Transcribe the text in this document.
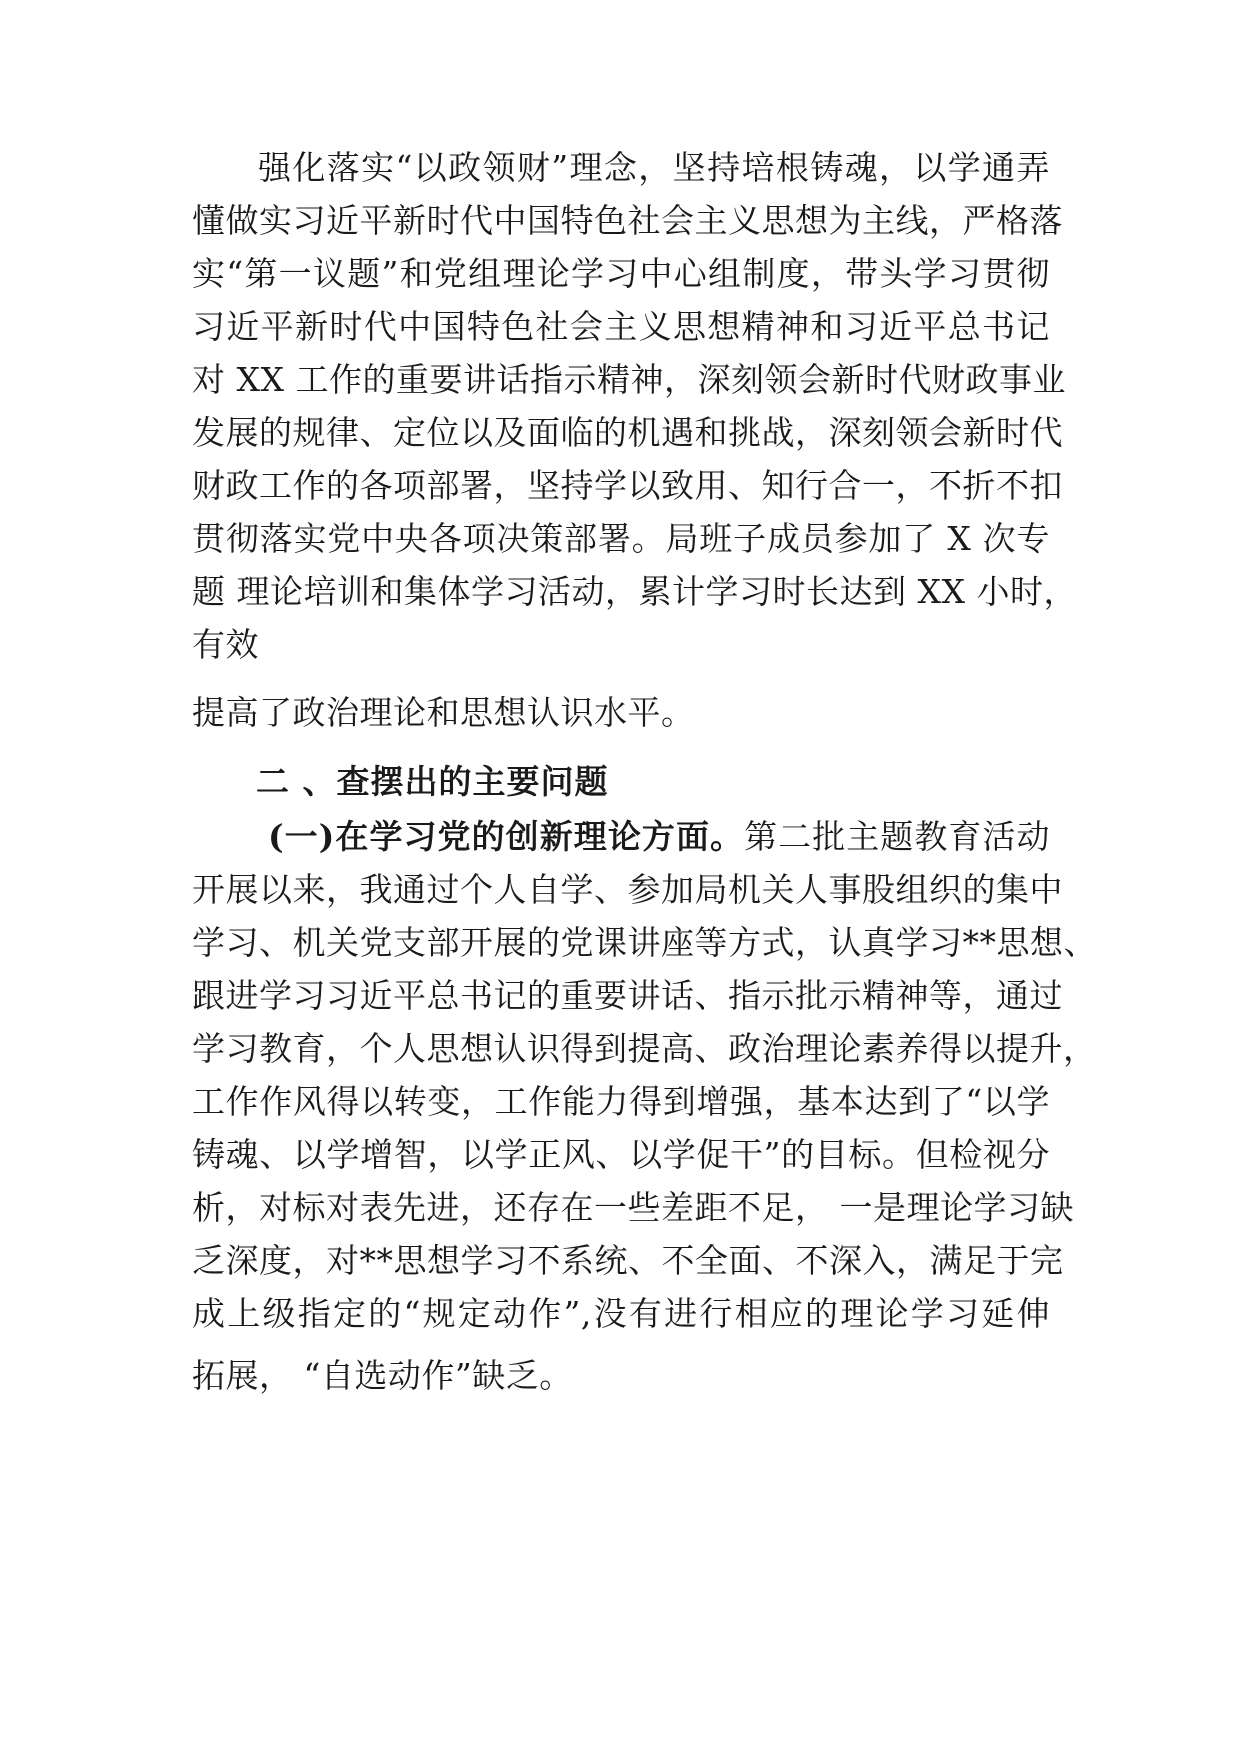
强化落实“以政领财”理念，坚持培根铸魂，以学通弄
懂做实习近平新时代中国特色社会主义思想为主线，严格落
实“第一议题”和党组理论学习中心组制度，带头学习贯彻
习近平新时代中国特色社会主义思想精神和习近平总书记
对 XX 工作的重要讲话指示精神，深刻领会新时代财政事业
发展的规律、定位以及面临的机遇和挑战，深刻领会新时代
财政工作的各项部署，坚持学以致用、知行合一，不折不扣
贯彻落实党中央各项决策部署。局班子成员参加了 X 次专
题 理论培训和集体学习活动，累计学习时长达到 XX 小时，
有效
提高了政治理论和思想认识水平。
二 、查摆出的主要问题
(一)在学习党的创新理论方面。第二批主题教育活动
开展以来，我通过个人自学、参加局机关人事股组织的集中
学习、机关党支部开展的党课讲座等方式，认真学习**思想、
跟进学习习近平总书记的重要讲话、指示批示精神等，通过
学习教育，个人思想认识得到提高、政治理论素养得以提升，
工作作风得以转变，工作能力得到增强，基本达到了“以学
铸魂、以学增智，以学正风、以学促干”的目标。但检视分
析，对标对表先进，还存在一些差距不足， 一是理论学习缺
乏深度，对**思想学习不系统、不全面、不深入，满足于完
成上级指定的“规定动作”,没有进行相应的理论学习延伸
拓展， “自选动作”缺乏。
